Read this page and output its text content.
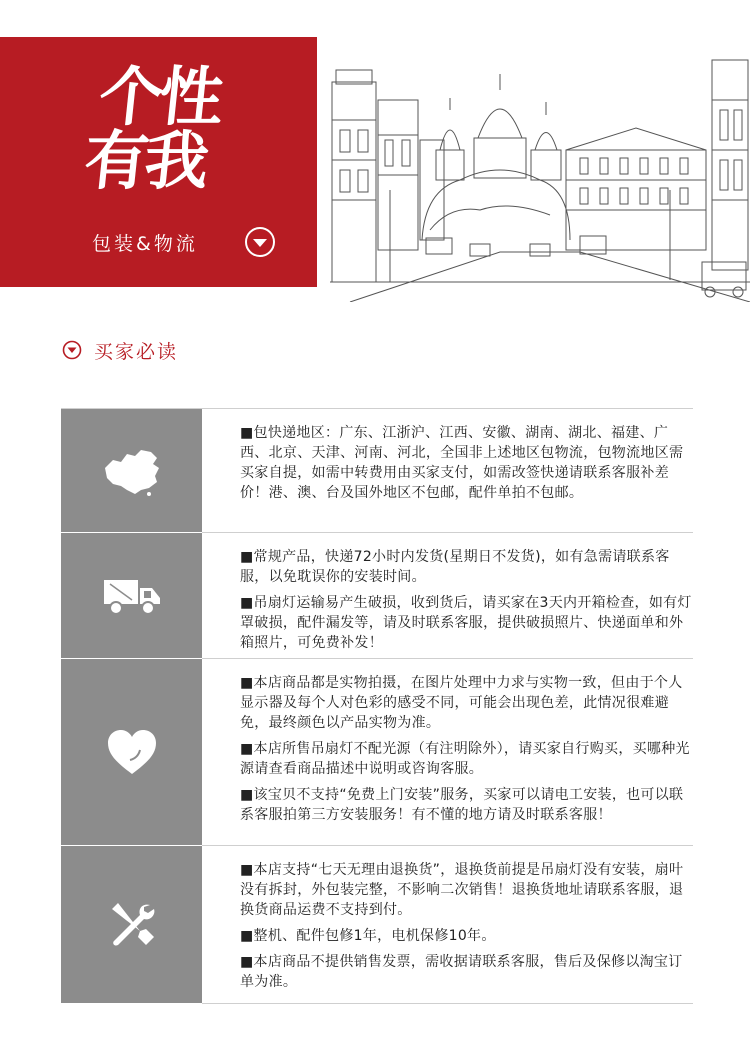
个性
有我
包装&物流
买家必读

■包快递地区：广东、江浙沪、江西、安徽、湖南、湖北、福建、广西、北京、天津、河南、河北，全国非上述地区包物流，包物流地区需买家自提，如需中转费用由买家支付，如需改签快递请联系客服补差价！港、澳、台及国外地区不包邮，配件单拍不包邮。

■常规产品，快递72小时内发货(星期日不发货)，如有急需请联系客服，以免耽误你的安装时间。

■吊扇灯运输易产生破损，收到货后，请买家在3天内开箱检查，如有灯罩破损，配件漏发等，请及时联系客服，提供破损照片、快递面单和外箱照片，可免费补发！

■本店商品都是实物拍摄，在图片处理中力求与实物一致，但由于个人显示器及每个人对色彩的感受不同，可能会出现色差，此情况很难避免，最终颜色以产品实物为准。

■本店所售吊扇灯不配光源（有注明除外），请买家自行购买，买哪种光源请查看商品描述中说明或咨询客服。

■该宝贝不支持“免费上门安装”服务，买家可以请电工安装，也可以联系客服拍第三方安装服务！有不懂的地方请及时联系客服！

■本店支持“七天无理由退换货”，退换货前提是吊扇灯没有安装，扇叶没有拆封，外包装完整，不影响二次销售！退换货地址请联系客服，退换货商品运费不支持到付。

■整机、配件包修1年，电机保修10年。

■本店商品不提供销售发票，需收据请联系客服，售后及保修以淘宝订单为准。
